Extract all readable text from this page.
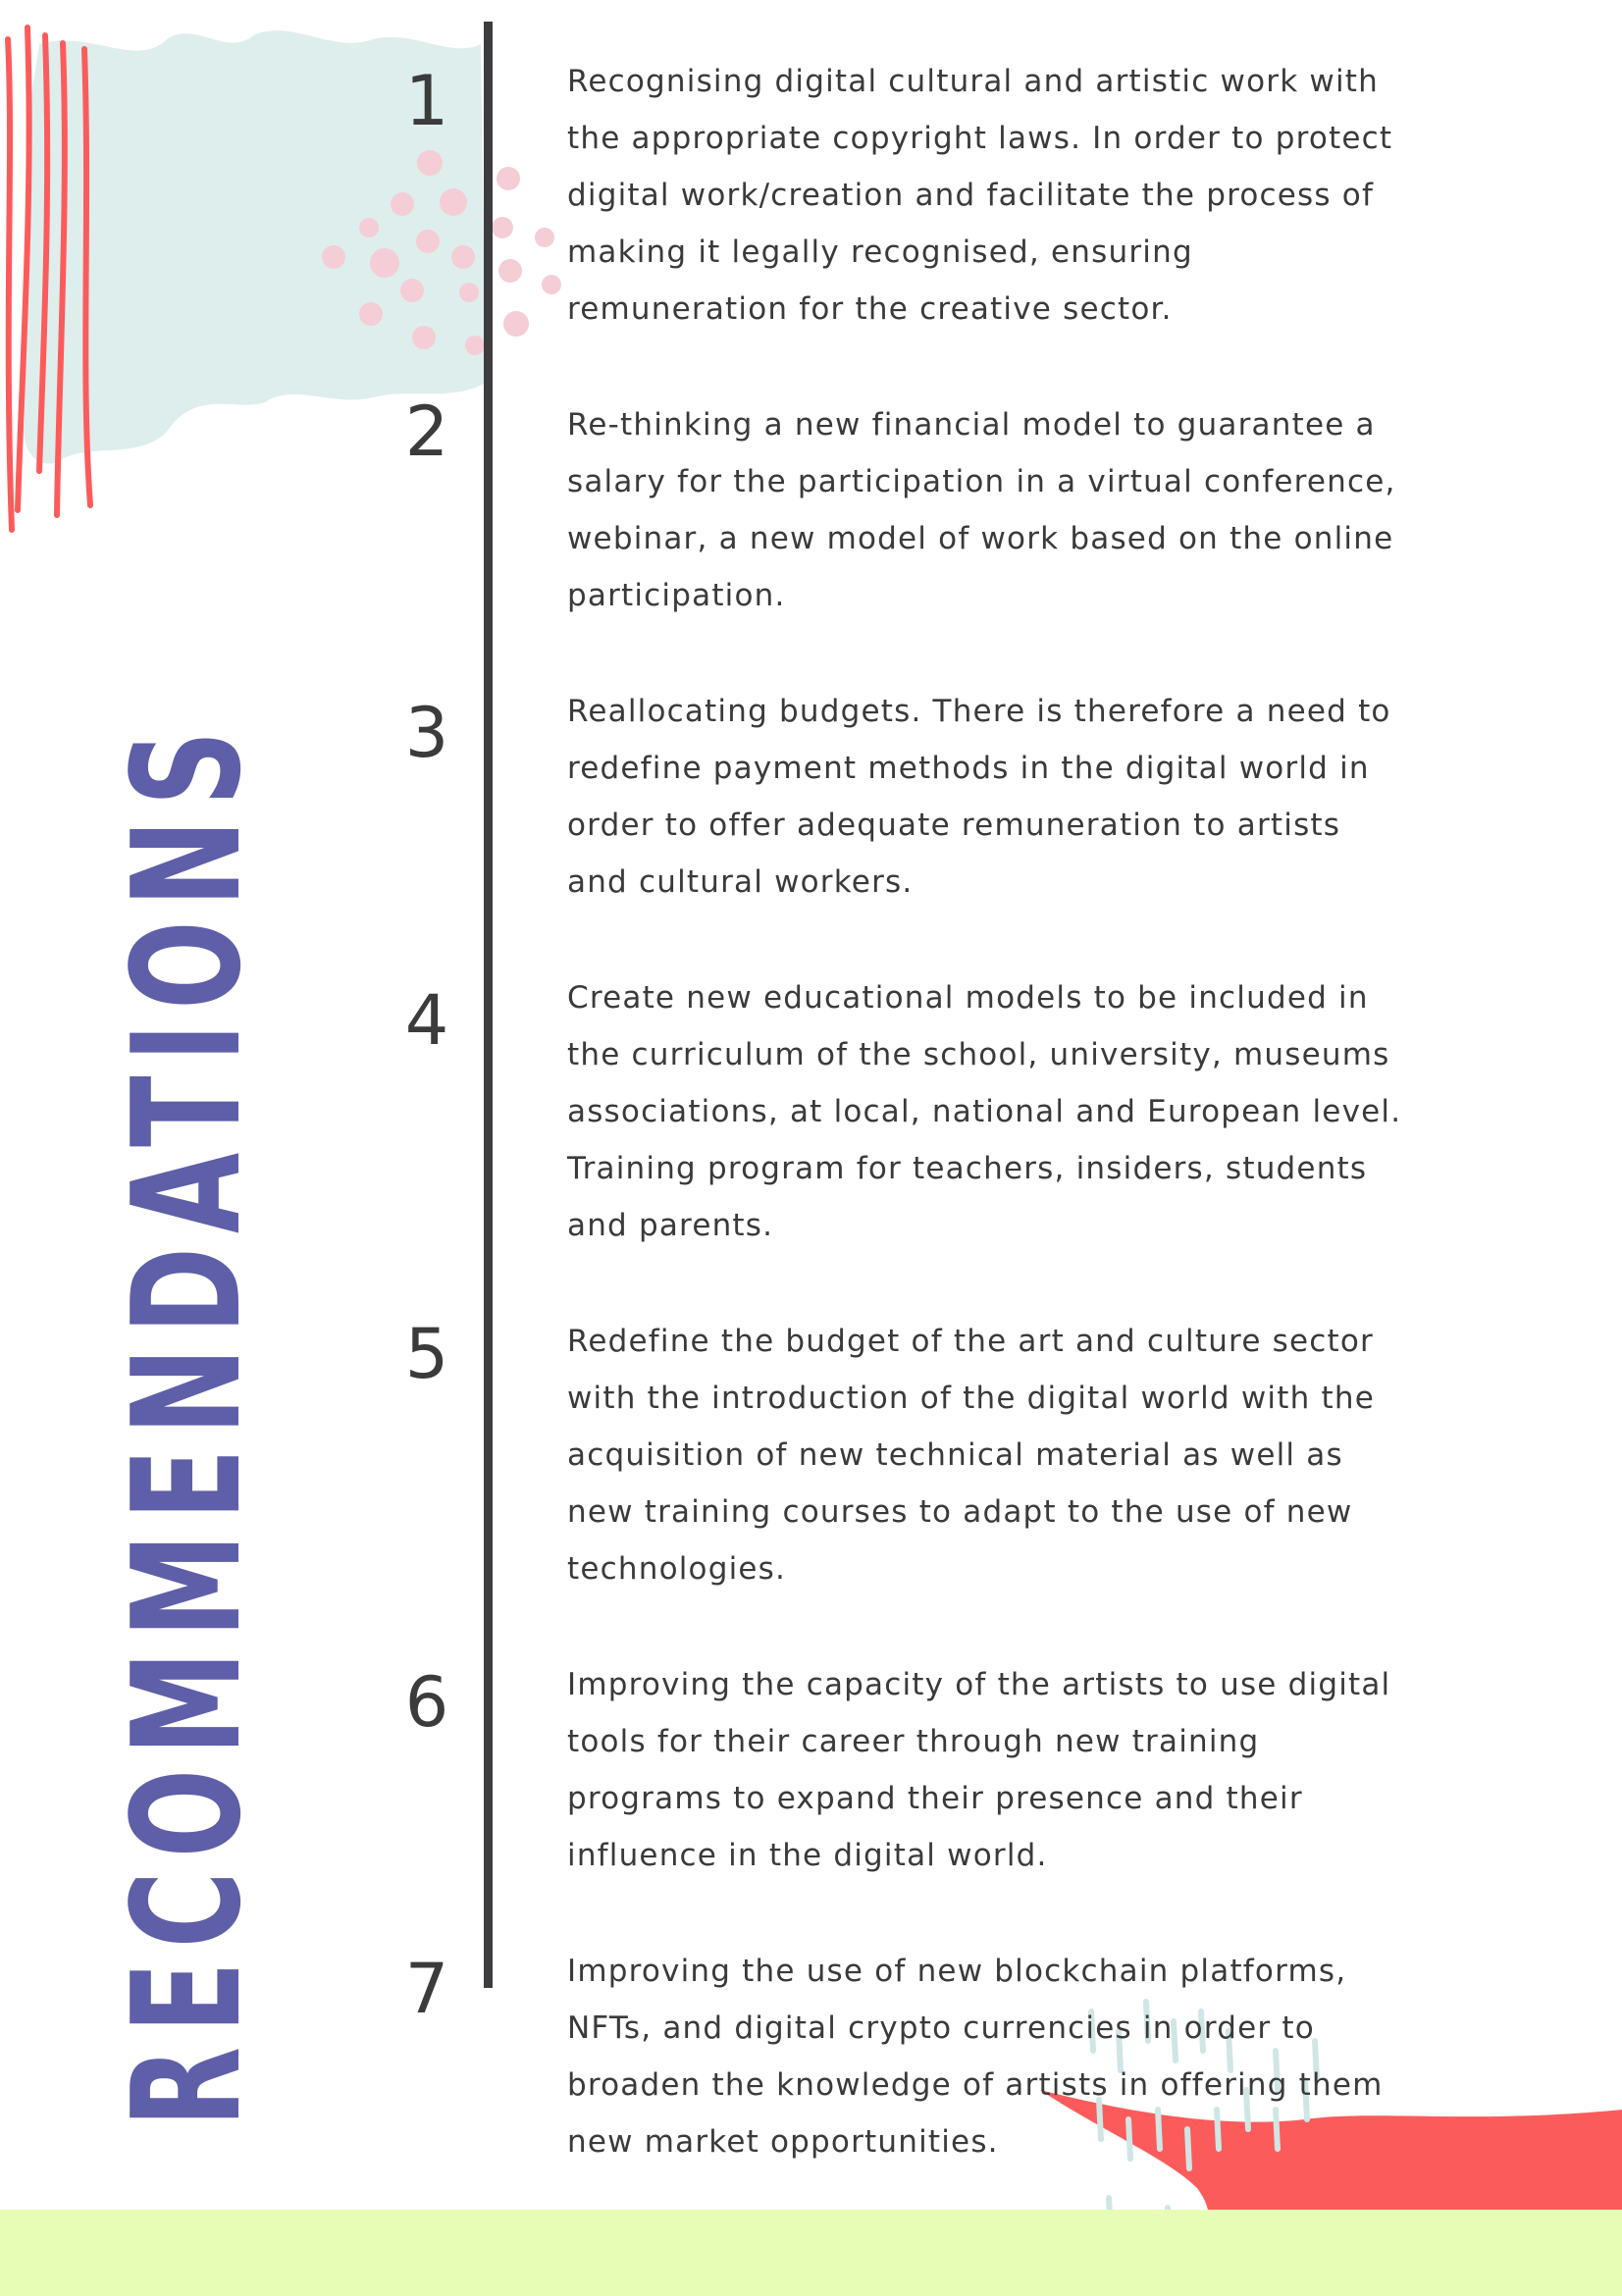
RECOMMENDATIONS
1	Recognising digital cultural and artistic work with the appropriate copyright laws. In order to protect digital work/creation and facilitate the process of making it legally recognised, ensuring remuneration for the creative sector.

2	Re-thinking a new financial model to guarantee a salary for the participation in a virtual conference, webinar, a new model of work based on the online participation.

3	Reallocating budgets. There is therefore a need to redefine payment methods in the digital world in order to offer adequate remuneration to artists and cultural workers.

4	Create new educational models to be included in the curriculum of the school, university, museums associations, at local, national and European level. Training program for teachers, insiders, students and parents.

5	Redefine the budget of the art and culture sector with the introduction of the digital world with the acquisition of new technical material as well as new training courses to adapt to the use of new technologies.

6	Improving the capacity of the artists to use digital tools for their career through new training programs to expand their presence and their influence in the digital world.

7	Improving the use of new blockchain platforms, NFTs, and digital crypto currencies in order to broaden the knowledge of artists in offering them new market opportunities.
